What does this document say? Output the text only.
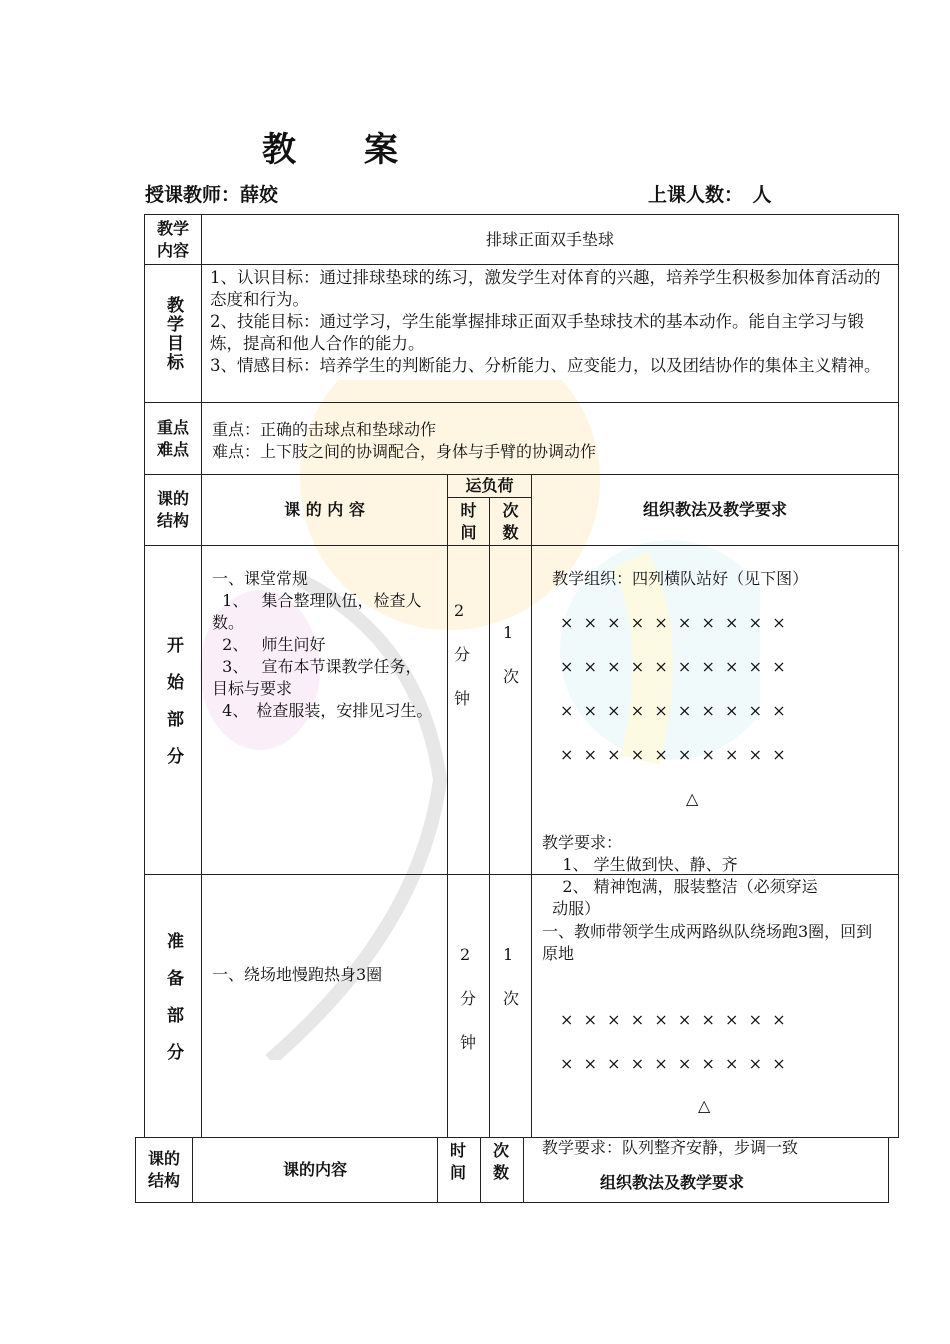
教　　案
授课教师：薛姣	上课人数：　人
教学内容
排球正面双手垫球
教学目标
1、认识目标：通过排球垫球的练习，激发学生对体育的兴趣，培养学生积极参加体育活动的态度和行为。
2、技能目标：通过学习，学生能掌握排球正面双手垫球技术的基本动作。能自主学习与锻炼，提高和他人合作的能力。
3、情感目标：培养学生的判断能力、分析能力、应变能力，以及团结协作的集体主义精神。
重点难点
重点：正确的击球点和垫球动作
难点：上下肢之间的协调配合，身体与手臂的协调动作
课的结构
课 的 内 容
运负荷
时间
次数
组织教法及教学要求
开始部分
一、课堂常规
1、　 集合整理队伍，检查人数。
2、　 师生问好
3、　 宣布本节课教学任务，目标与要求
4、　检查服装，安排见习生。
2分钟
1次
教学组织：四列横队站好（见下图）

×  ×  ×  ×  ×  ×  ×  ×  ×  ×

×  ×  ×  ×  ×  ×  ×  ×  ×  ×

×  ×  ×  ×  ×  ×  ×  ×  ×  ×

×  ×  ×  ×  ×  ×  ×  ×  ×  ×

△

教学要求：
1、 学生做到快、静、齐
2、 精神饱满，服装整洁（必须穿运
动服）
准备部分	一、绕场地慢跑热身3圈
2分钟
1次
一、教师带领学生成两路纵队绕场跑3圈，回到原地

×  ×  ×  ×  ×  ×  ×  ×  ×  ×

×  ×  ×  ×  ×  ×  ×  ×  ×  ×

△

教学要求：队列整齐安静，步调一致
课的结构
课的内容
时间
次数
组织教法及教学要求
